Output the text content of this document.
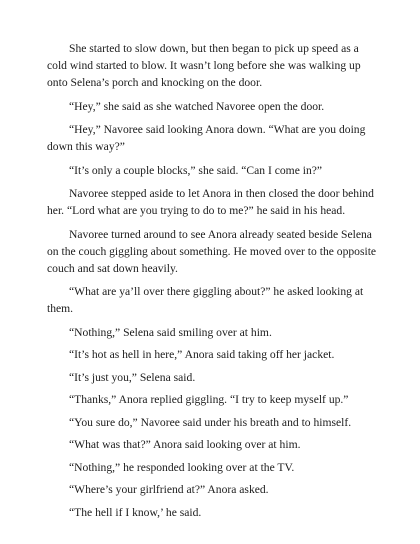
She started to slow down, but then began to pick up speed as a cold wind started to blow. It wasn’t long before she was walking up onto Selena’s porch and knocking on the door.

“Hey,” she said as she watched Navoree open the door.

“Hey,” Navoree said looking Anora down. “What are you doing down this way?”

“It’s only a couple blocks,” she said. “Can I come in?”

Navoree stepped aside to let Anora in then closed the door behind her. “Lord what are you trying to do to me?” he said in his head.

Navoree turned around to see Anora already seated beside Selena on the couch giggling about something. He moved over to the opposite couch and sat down heavily.

“What are ya’ll over there giggling about?” he asked looking at them.

“Nothing,” Selena said smiling over at him.

“It’s hot as hell in here,” Anora said taking off her jacket.

“It’s just you,” Selena said.

“Thanks,” Anora replied giggling. “I try to keep myself up.”

“You sure do,” Navoree said under his breath and to himself.

“What was that?” Anora said looking over at him.

“Nothing,” he responded looking over at the TV.

“Where’s your girlfriend at?” Anora asked.

“The hell if I know,’ he said.
